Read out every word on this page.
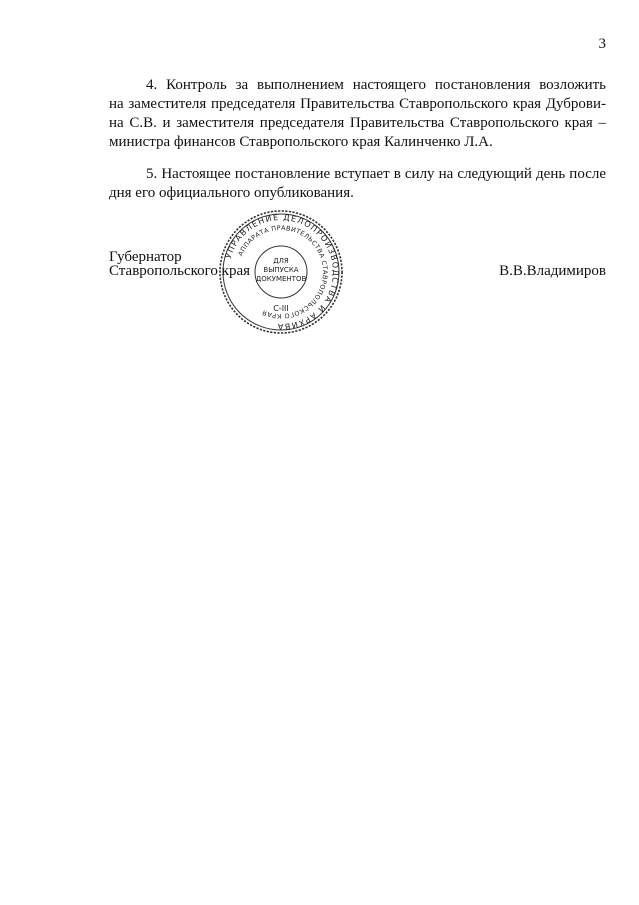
3
4. Контроль за выполнением настоящего постановления возложить
на заместителя председателя Правительства Ставропольского края Дуброви-
на С.В. и заместителя председателя Правительства Ставропольского края –
министра финансов Ставропольского края Калинченко Л.А.
5. Настоящее постановление вступает в силу на следующий день после
дня его официального опубликования.
Губернатор
Ставропольского края	В.В.Владимиров
УПРАВЛЕНИЕ ДЕЛОПРОИЗВОДСТВА И АРХИВА
АППАРАТА ПРАВИТЕЛЬСТВА СТАВРОПОЛЬСКОГО КРАЯ
ДЛЯ
ВЫПУСКА
ДОКУМЕНТОВ
С-III
